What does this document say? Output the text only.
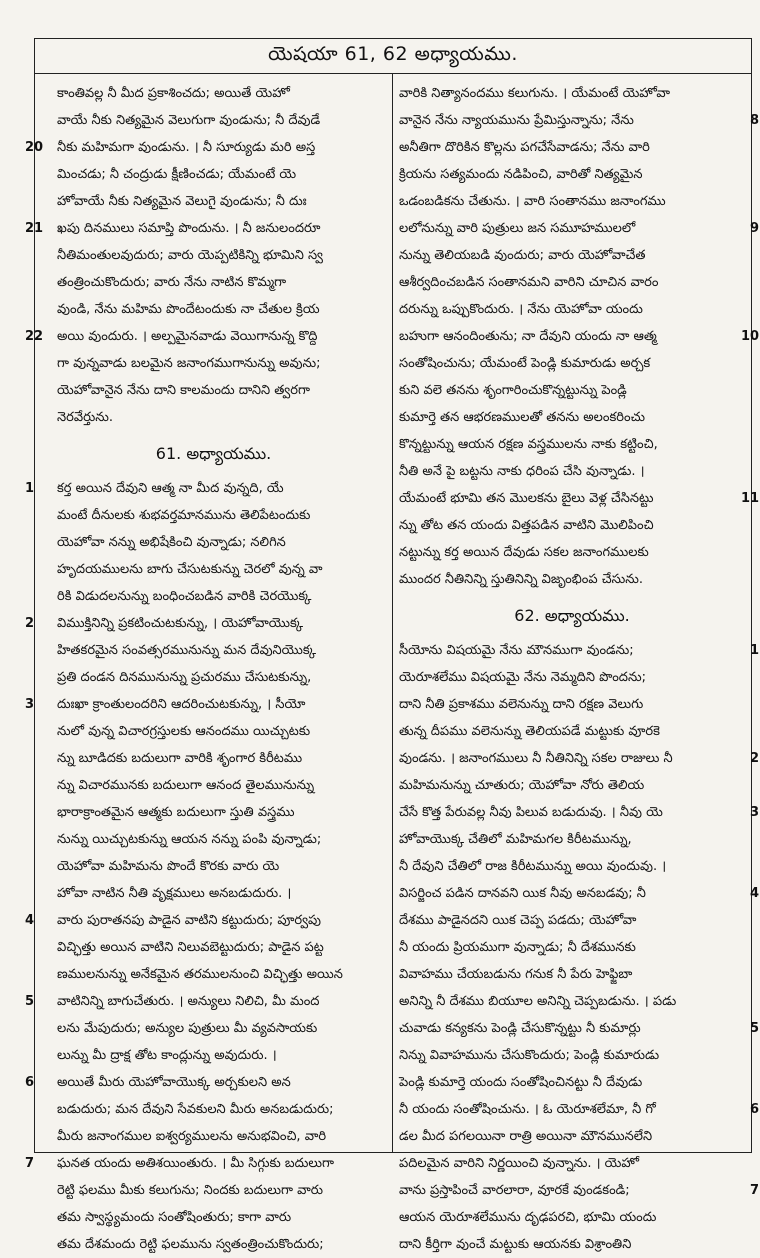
యెషయా 61, 62 అధ్యాయము.
కాంతివల్ల నీ మీద ప్రకాశించదు; అయితే యెహో
వాయే నీకు నిత్యమైన వెలుగుగా వుండును; నీ దేవుడే
20 నీకు మహిమగా వుండును. । నీ సూర్యుడు మరి అస్త
మించడు; నీ చంద్రుడు క్షీణించడు; యేమంటే యె
హోవాయే నీకు నిత్యమైన వెలుగై వుండును; నీ దుః
21 ఖపు దినములు సమాప్తి పొందును. । నీ జనులందరూ
నీతిమంతులవుదురు; వారు యెప్పటికిన్ని భూమిని స్వ
తంత్రించుకొందురు; వారు నేను నాటిన కొమ్మగా
వుండి, నేను మహిమ పొందేటందుకు నా చేతుల క్రియ
22 అయి వుందురు. । అల్పమైనవాడు వెయిగానున్న కొద్ది
గా వున్నవాడు బలమైన జనాంగముగానున్ను అవును;
యెహోవానైన నేను దాని కాలమందు దానిని త్వరగా
నెరవేర్తును.
61. అధ్యాయము.
1	కర్త అయిన దేవుని ఆత్మ నా మీద వున్నది, యే
మంటే దీనులకు శుభవర్తమానమును తెలిపేటందుకు
యెహోవా నన్ను అభిషేకించి వున్నాడు; నలిగిన
హృదయములను బాగు చేసుటకున్ను చెరలో వున్న వా
రికి విడుదలనున్ను బంధించబడిన వారికి చెరయొక్క
2	విముక్తినిన్ని ప్రకటించుటకున్ను, । యెహోవాయొక్క
హితకరమైన సంవత్సరమునున్ను మన దేవునియొక్క
ప్రతి దండన దినమునున్ను ప్రచురము చేసుటకున్ను,
3	దుఃఖా క్రాంతులందరిని ఆదరించుటకున్ను, । సీయో
నులో వున్న విచారగ్రస్తులకు ఆనందము యిచ్చుటకు
న్ను బూడిదకు బదులుగా వారికి శృంగార కిరీటము
న్ను విచారమునకు బదులుగా ఆనంద తైలమునున్ను
భారాక్రాంతమైన ఆత్మకు బదులుగా స్తుతి వస్త్రము
నున్ను యిచ్చుటకున్ను ఆయన నన్ను పంపి వున్నాడు;
యెహోవా మహిమను పొందే కొరకు వారు యె
హోవా నాటిన నీతి వృక్షములు అనబడుదురు. ।
4	వారు పురాతనపు పాడైన వాటిని కట్టుదురు; పూర్వపు
విచ్ఛిత్తు అయిన వాటిని నిలువబెట్టుదురు; పాడైన పట్ట
ణములనున్ను అనేకమైన తరములనుంచి విచ్ఛిత్తు అయిన
5	వాటినిన్ని బాగుచేతురు. । అన్యులు నిలిచి, మీ మంద
లను మేపుదురు; అన్యుల పుత్రులు మీ వ్యవసాయకు
లున్ను మీ ద్రాక్ష తోట కాంద్లున్ను అవుదురు. ।
6	అయితే మీరు యెహోవాయొక్క అర్చకులని అన
బడుదురు; మన దేవుని సేవకులని మీరు అనబడుదురు;
మీరు జనాంగముల ఐశ్వర్యములను అనుభవించి, వారి
7	ఘనత యందు అతిశయింతురు. । మీ సిగ్గుకు బదులుగా
రెట్టి ఫలము మీకు కలుగును; నిందకు బదులుగా వారు
తమ స్వాస్థ్యమందు సంతోషింతురు; కాగా వారు
తమ దేశమందు రెట్టి ఫలమును స్వతంత్రించుకొందురు;
వారికి నిత్యానందము కలుగును. । యేమంటే యెహోవా
8
వానైన నేను న్యాయమును ప్రేమిస్తున్నాను; నేను
అనీతిగా దొరికిన కొల్లను పగచేసేవాడను; నేను వారి
క్రియను సత్యమందు నడిపించి, వారితో నిత్యమైన
ఒడంబడికను చేతును. । వారి సంతానము జనాంగము
9
లలోనున్ను వారి పుత్రులు జన సమూహములలో
నున్ను తెలియబడి వుందురు; వారు యెహోవాచేత
ఆశీర్వదించబడిన సంతానమని వారిని చూచిన వారం
దరున్ను ఒప్పుకొందురు. । నేను యెహోవా యందు
10
బహుగా ఆనందింతును; నా దేవుని యందు నా ఆత్మ
సంతోషించును; యేమంటే పెండ్లి కుమారుడు అర్చక
కుని వలె తనను శృంగారించుకొన్నట్టున్ను పెండ్లి
కుమార్తె తన ఆభరణములతో తనను అలంకరించు
కొన్నట్టున్ను ఆయన రక్షణ వస్త్రములను నాకు కట్టించి,
నీతి అనే పై బట్టను నాకు ధరింప చేసి వున్నాడు. ।
11
యేమంటే భూమి తన మొలకను బైలు వెళ్ల చేసినట్టు
న్ను తోట తన యందు విత్తపడిన వాటిని మొలిపించి
నట్టున్ను కర్త అయిన దేవుడు సకల జనాంగములకు
ముందర నీతినిన్ని స్తుతినిన్ని విజృంభింప చేసును.
62. అధ్యాయము.
1
సీయోను విషయమై నేను మౌనముగా వుండను;
యెరూశలేము విషయమై నేను నెమ్మదిని పొందను;
దాని నీతి ప్రకాశము వలెనున్ను దాని రక్షణ వెలుగు
తున్న దీపము వలెనున్ను తెలియపడే మట్టుకు వూరకె
2
వుండను. । జనాంగములు నీ నీతినిన్ని సకల రాజులు నీ
మహిమనున్ను చూతురు; యెహోవా నోరు తెలియ
3
చేసే కొత్త పేరువల్ల నీవు పిలువ బడుదువు. । నీవు యె
హోవాయొక్క చేతిలో మహిమగల కిరీటమున్ను,
నీ దేవుని చేతిలో రాజ కిరీటమున్ను అయి వుందువు. ।
4
విసర్జించ పడిన దానవని యిక నీవు అనబడవు; నీ
దేశము పాడైనదని యిక చెప్ప పడదు; యెహోవా
నీ యందు ప్రియముగా వున్నాడు; నీ దేశమునకు
వివాహము చేయబడును గనుక నీ పేరు హెఫ్జిబా
అనిన్ని నీ దేశము బియూల అనిన్ని చెప్పబడును. । పడు
5
చువాడు కన్యకను పెండ్లి చేసుకొన్నట్టు నీ కుమార్లు
నిన్ను వివాహమును చేసుకొందురు; పెండ్లి కుమారుడు
పెండ్లి కుమార్తె యందు సంతోషించినట్టు నీ దేవుడు
6
నీ యందు సంతోషించును. । ఓ యెరూశలేమా, నీ గో
డల మీద పగలయినా రాత్రి అయినా మౌనమునలేని
పదిలమైన వారిని నిర్ణయించి వున్నాను. । యెహో
7
వాను ప్రస్తాపించే వారలారా, వూరకే వుండకండి;
ఆయన యెరూశలేమును దృఢపరచి, భూమి యందు
దాని కీర్తిగా వుంచే మట్టుకు ఆయనకు విశ్రాంతిని
